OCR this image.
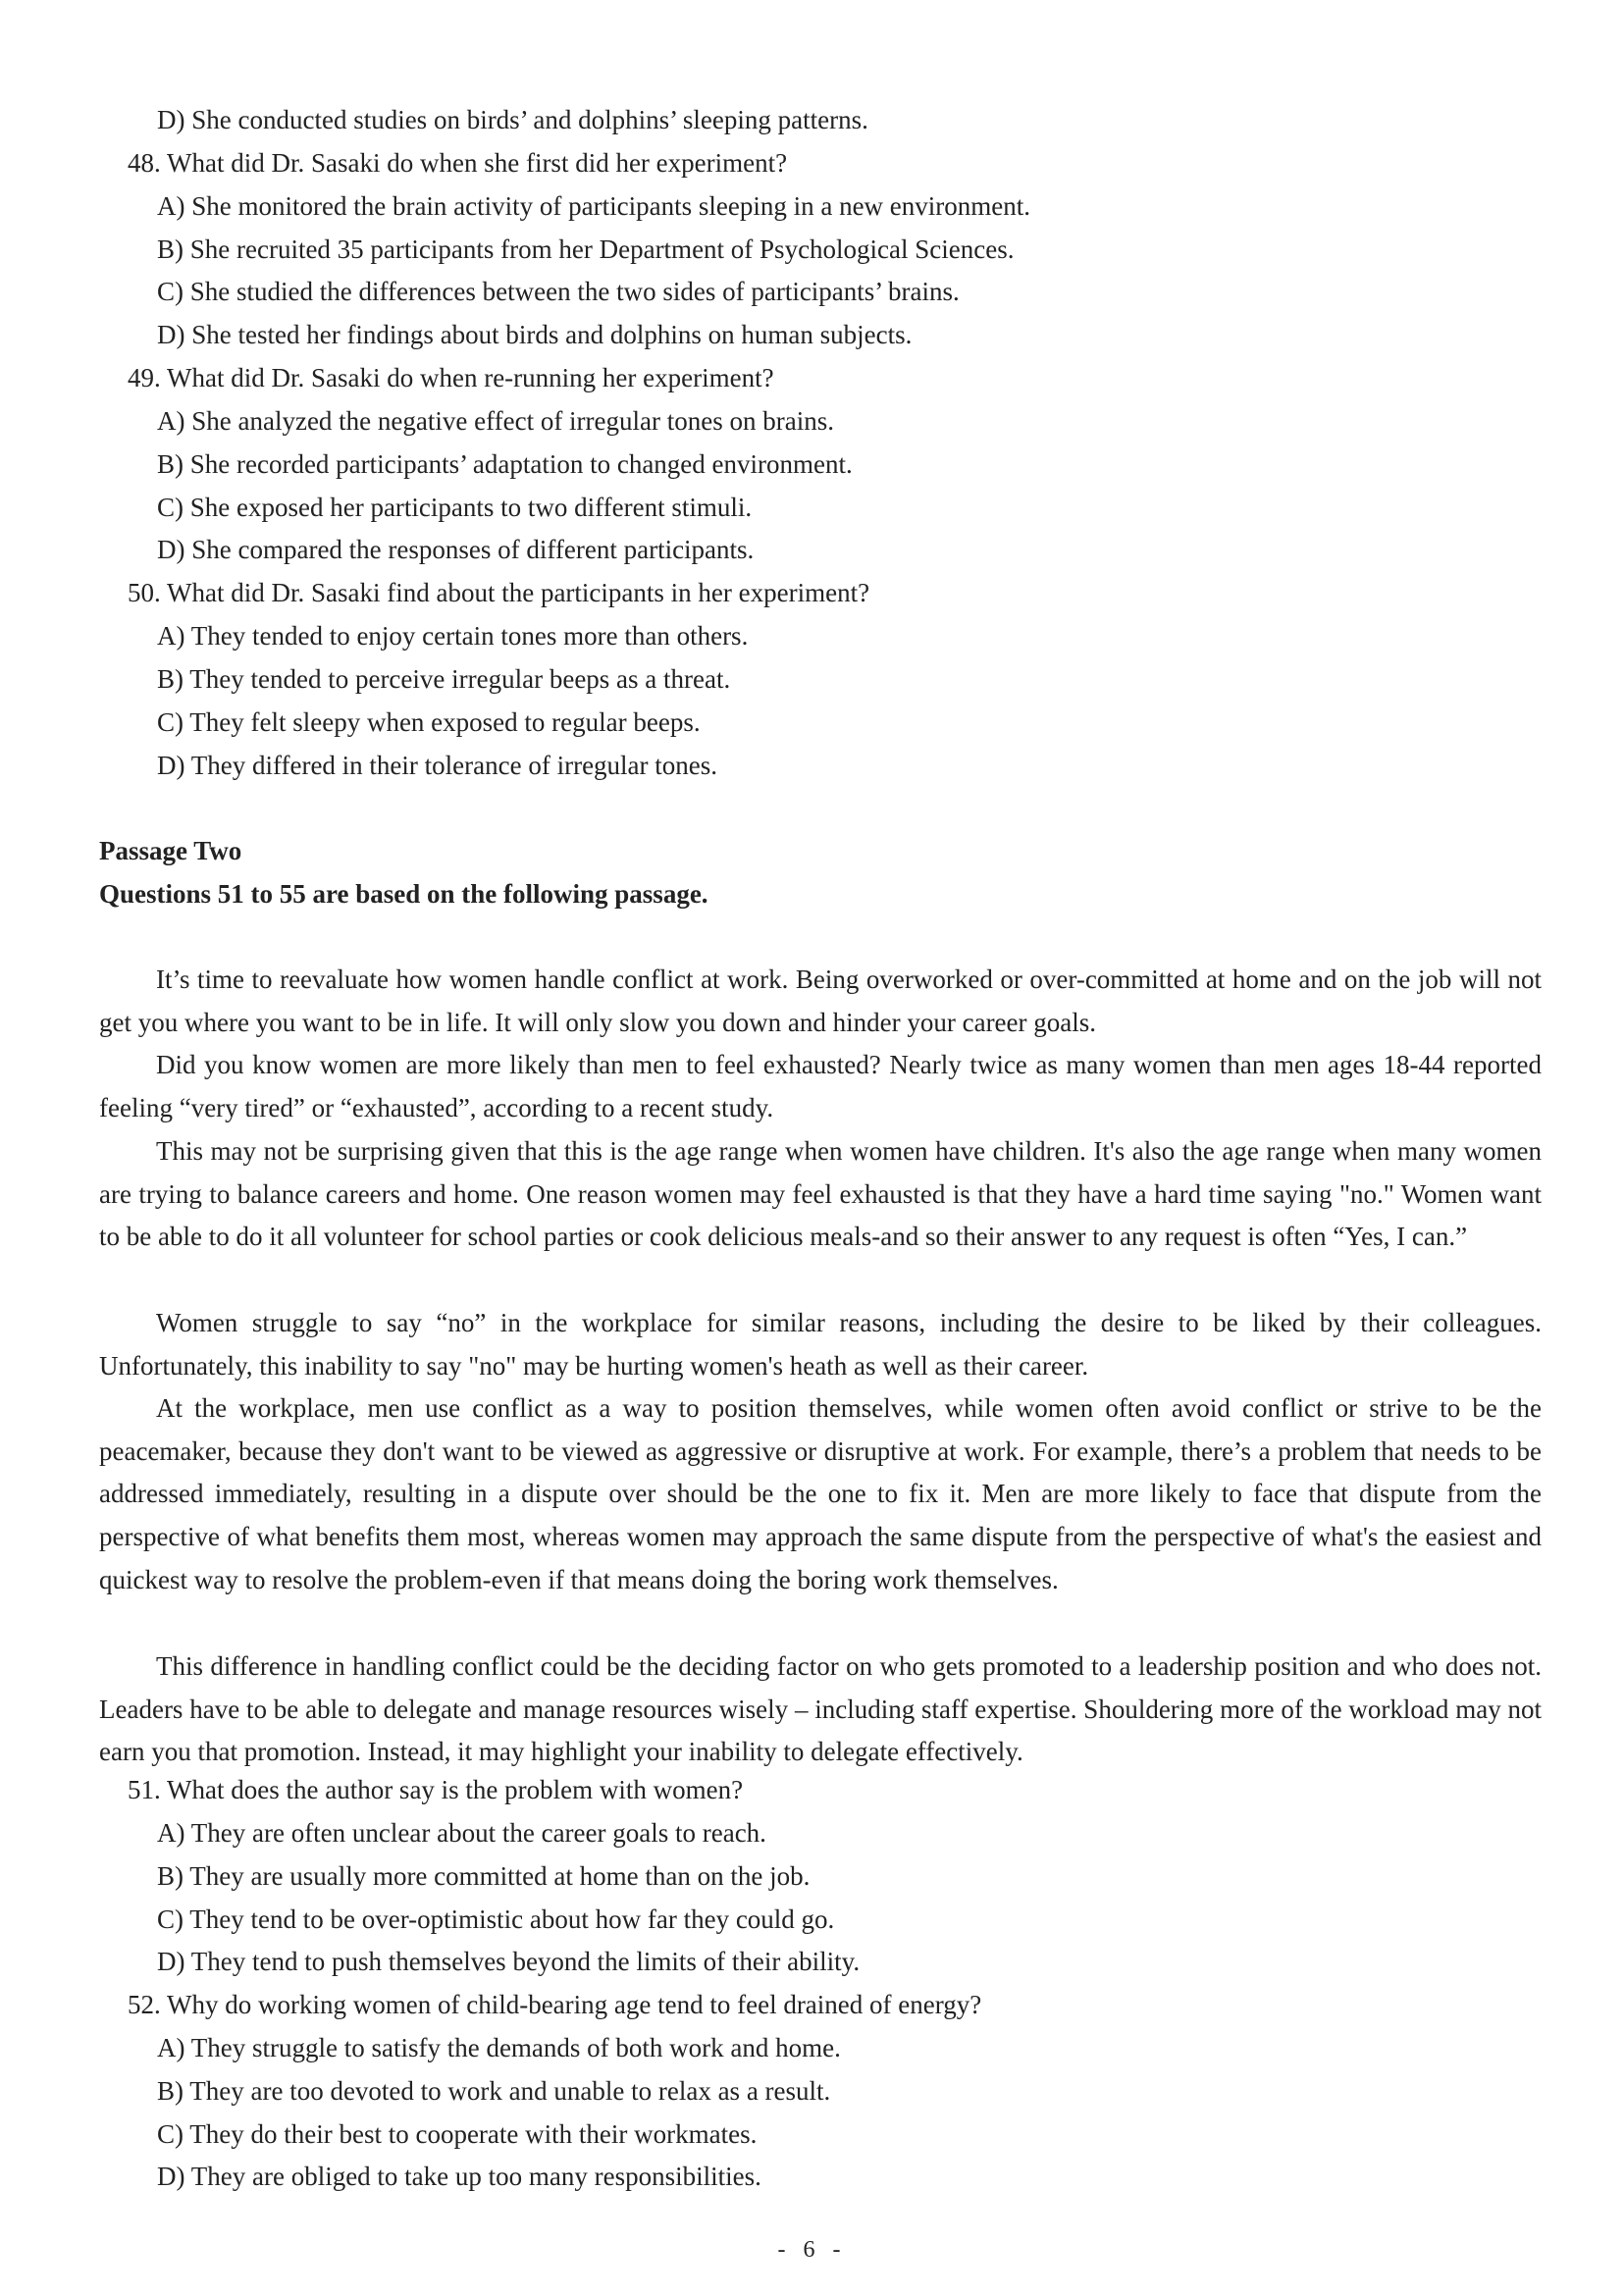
D) She conducted studies on birds’ and dolphins’ sleeping patterns.
48. What did Dr. Sasaki do when she first did her experiment?
A) She monitored the brain activity of participants sleeping in a new environment.
B) She recruited 35 participants from her Department of Psychological Sciences.
C) She studied the differences between the two sides of participants’ brains.
D) She tested her findings about birds and dolphins on human subjects.
49. What did Dr. Sasaki do when re-running her experiment?
A) She analyzed the negative effect of irregular tones on brains.
B) She recorded participants’ adaptation to changed environment.
C) She exposed her participants to two different stimuli.
D) She compared the responses of different participants.
50. What did Dr. Sasaki find about the participants in her experiment?
A) They tended to enjoy certain tones more than others.
B) They tended to perceive irregular beeps as a threat.
C) They felt sleepy when exposed to regular beeps.
D) They differed in their tolerance of irregular tones.
Passage Two
Questions 51 to 55 are based on the following passage.

It’s time to reevaluate how women handle conflict at work. Being overworked or over-committed at home and on the job will not get you where you want to be in life. It will only slow you down and hinder your career goals.

Did you know women are more likely than men to feel exhausted? Nearly twice as many women than men ages 18-44 reported feeling “very tired” or “exhausted”, according to a recent study.

This may not be surprising given that this is the age range when women have children. It's also the age range when many women are trying to balance careers and home. One reason women may feel exhausted is that they have a hard time saying "no." Women want to be able to do it all volunteer for school parties or cook delicious meals-and so their answer to any request is often “Yes, I can.”

Women struggle to say “no” in the workplace for similar reasons, including the desire to be liked by their colleagues. Unfortunately, this inability to say "no" may be hurting women's heath as well as their career.

At the workplace, men use conflict as a way to position themselves, while women often avoid conflict or strive to be the peacemaker, because they don't want to be viewed as aggressive or disruptive at work. For example, there’s a problem that needs to be addressed immediately, resulting in a dispute over should be the one to fix it. Men are more likely to face that dispute from the perspective of what benefits them most, whereas women may approach the same dispute from the perspective of what's the easiest and quickest way to resolve the problem-even if that means doing the boring work themselves.

This difference in handling conflict could be the deciding factor on who gets promoted to a leadership position and who does not. Leaders have to be able to delegate and manage resources wisely – including staff expertise. Shouldering more of the workload may not earn you that promotion. Instead, it may highlight your inability to delegate effectively.

51. What does the author say is the problem with women?
A) They are often unclear about the career goals to reach.
B) They are usually more committed at home than on the job.
C) They tend to be over-optimistic about how far they could go.
D) They tend to push themselves beyond the limits of their ability.
52. Why do working women of child-bearing age tend to feel drained of energy?
A) They struggle to satisfy the demands of both work and home.
B) They are too devoted to work and unable to relax as a result.
C) They do their best to cooperate with their workmates.
D) They are obliged to take up too many responsibilities.
- 6 -
